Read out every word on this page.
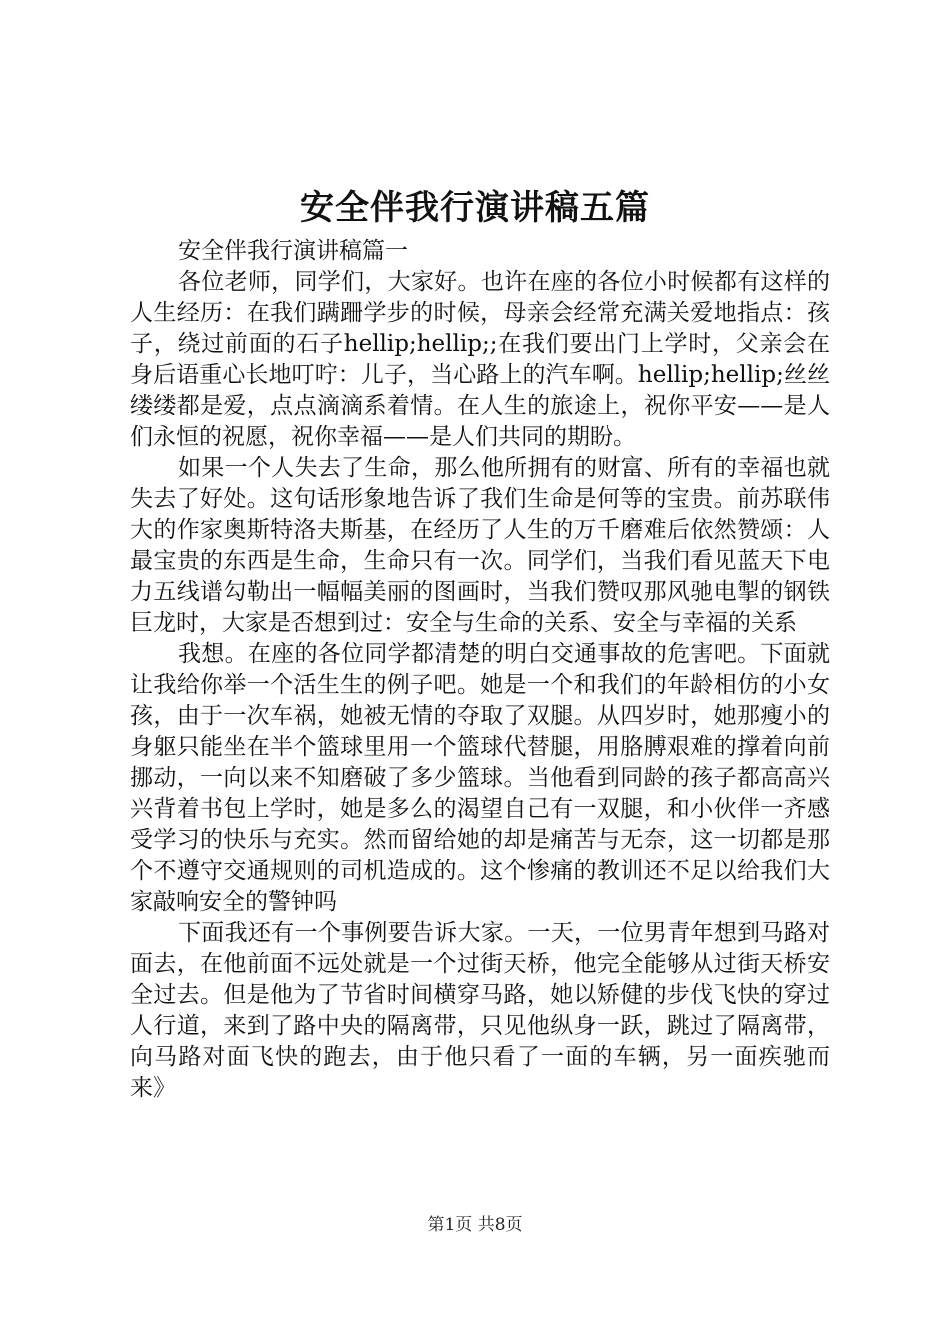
安全伴我行演讲稿五篇

安全伴我行演讲稿篇一

各位老师，同学们，大家好。也许在座的各位小时候都有这样的人生经历：在我们蹒跚学步的时候，母亲会经常充满关爱地指点：孩子，绕过前面的石子hellip;hellip;;在我们要出门上学时，父亲会在身后语重心长地叮咛：儿子，当心路上的汽车啊。hellip;hellip;丝丝缕缕都是爱，点点滴滴系着情。在人生的旅途上，祝你平安——是人们永恒的祝愿，祝你幸福——是人们共同的期盼。

如果一个人失去了生命，那么他所拥有的财富、所有的幸福也就失去了好处。这句话形象地告诉了我们生命是何等的宝贵。前苏联伟大的作家奥斯特洛夫斯基，在经历了人生的万千磨难后依然赞颂：人最宝贵的东西是生命，生命只有一次。同学们，当我们看见蓝天下电力五线谱勾勒出一幅幅美丽的图画时，当我们赞叹那风驰电掣的钢铁巨龙时，大家是否想到过：安全与生命的关系、安全与幸福的关系

我想。在座的各位同学都清楚的明白交通事故的危害吧。下面就让我给你举一个活生生的例子吧。她是一个和我们的年龄相仿的小女孩，由于一次车祸，她被无情的夺取了双腿。从四岁时，她那瘦小的身躯只能坐在半个篮球里用一个篮球代替腿，用胳膊艰难的撑着向前挪动，一向以来不知磨破了多少篮球。当他看到同龄的孩子都高高兴兴背着书包上学时，她是多么的渴望自己有一双腿，和小伙伴一齐感受学习的快乐与充实。然而留给她的却是痛苦与无奈，这一切都是那个不遵守交通规则的司机造成的。这个惨痛的教训还不足以给我们大家敲响安全的警钟吗

下面我还有一个事例要告诉大家。一天，一位男青年想到马路对面去，在他前面不远处就是一个过街天桥，他完全能够从过街天桥安全过去。但是他为了节省时间横穿马路，她以矫健的步伐飞快的穿过人行道，来到了路中央的隔离带，只见他纵身一跃，跳过了隔离带，向马路对面飞快的跑去，由于他只看了一面的车辆，另一面疾驰而来》

第1页 共8页
